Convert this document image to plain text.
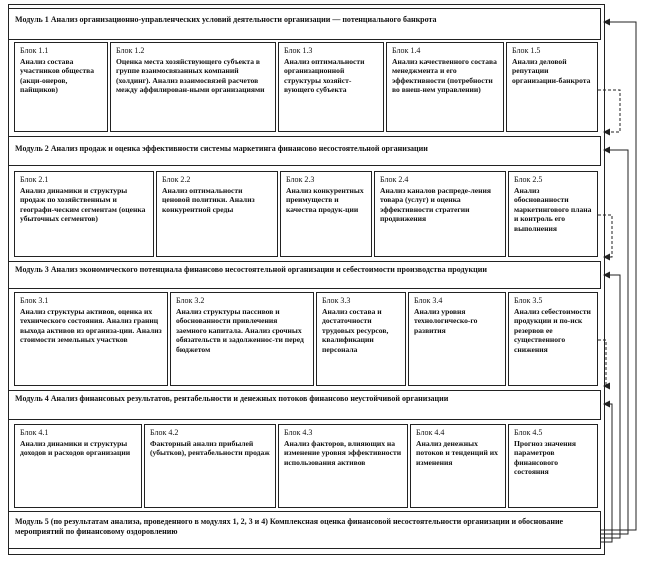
Модуль 1 Анализ организационно-управленческих условий деятельности организации — потенциального банкрота
Блок 1.1
Анализ состава участников общества (акци-онеров, пайщиков)
Блок 1.2
Оценка места хозяйствующего субъекта в группе взаимосвязанных компаний (холдинг). Анализ взаимосвязей расчетов между аффилирован-ными организациями
Блок 1.3
Анализ оптимальности организационной структуры хозяйст-вующего субъекта
Блок 1.4
Анализ качественного состава менеджмента и его эффективности (потребности во внеш-нем управлении)
Блок 1.5
Анализ деловой репутации организации-банкрота
Модуль 2 Анализ продаж и оценка эффективности системы маркетинга финансово несостоятельной организации
Блок 2.1
Анализ динамики и структуры продаж по хозяйственным и географи-ческим сегментам (оценка убыточных сегментов)
Блок 2.2
Анализ оптимальности ценовой политики. Анализ конкурентной среды
Блок 2.3
Анализ конкурентных преимуществ и качества продук-ции
Блок 2.4
Анализ каналов распреде-ления товара (услуг) и оценка эффективности стратегии продвижения
Блок 2.5
Анализ обоснованности маркетингового плана и контроль его выполнения
Модуль 3 Анализ экономического потенциала финансово несостоятельной организации и себестоимости производства продукции
Блок 3.1
Анализ структуры активов, оценка их технического состояния. Анализ границ выхода активов из организа-ции. Анализ стоимости земельных участков
Блок 3.2
Анализ структуры пассивов и обоснованности привлечения заемного капитала. Анализ срочных обязательств и задолженнос-ти перед бюджетом
Блок 3.3
Анализ состава и достаточности трудовых ресурсов, квалификации персонала
Блок 3.4
Анализ уровня технологическо-го развития
Блок 3.5
Анализ себестоимости продукции и по-иск резервов ее существенного снижения
Модуль 4 Анализ финансовых результатов, рентабельности и денежных потоков финансово неустойчивой организации
Блок 4.1
Анализ динамики и структуры доходов и расходов организации
Блок 4.2
Факторный анализ прибылей (убытков), рентабельности продаж
Блок 4.3
Анализ факторов, влияющих на изменение уровня эффективности использования активов
Блок 4.4
Анализ денежных потоков и тенденций их изменения
Блок 4.5
Прогноз значения параметров финансового состояния
Модуль 5 (по результатам анализа, проведенного в модулях 1, 2, 3 и 4) Комплексная оценка финансовой несостоятельности организации и обоснование мероприятий по финансовому оздоровлению
